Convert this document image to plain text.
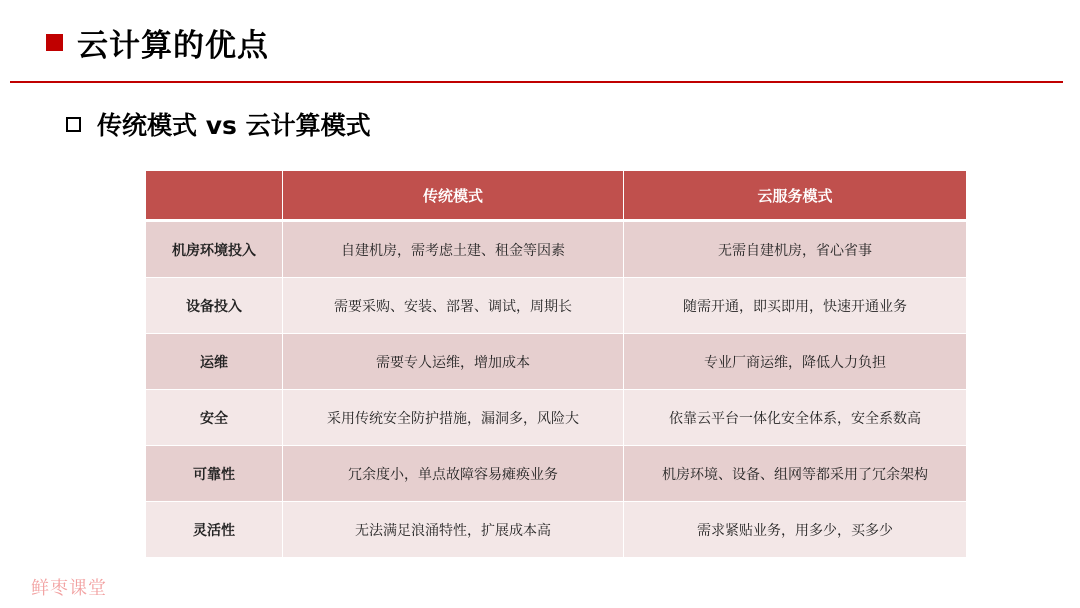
云计算的优点
传统模式 vs 云计算模式
	传统模式	云服务模式
机房环境投入	自建机房，需考虑土建、租金等因素	无需自建机房，省心省事
设备投入	需要采购、安装、部署、调试，周期长	随需开通，即买即用，快速开通业务
运维	需要专人运维，增加成本	专业厂商运维，降低人力负担
安全	采用传统安全防护措施，漏洞多，风险大	依靠云平台一体化安全体系，安全系数高
可靠性	冗余度小，单点故障容易瘫痪业务	机房环境、设备、组网等都采用了冗余架构
灵活性	无法满足浪涌特性，扩展成本高	需求紧贴业务，用多少，买多少
鲜枣课堂
